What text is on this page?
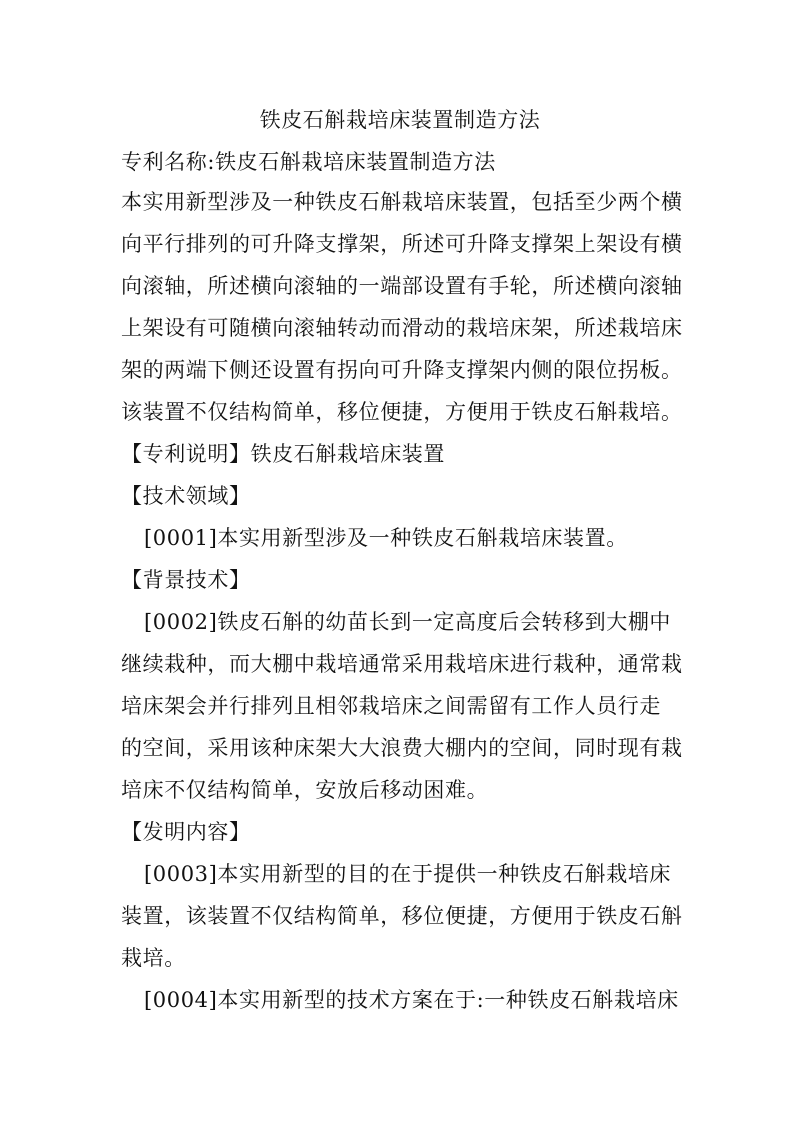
铁皮石斛栽培床装置制造方法
专利名称:铁皮石斛栽培床装置制造方法
本实用新型涉及一种铁皮石斛栽培床装置，包括至少两个横
向平行排列的可升降支撑架，所述可升降支撑架上架设有横
向滚轴，所述横向滚轴的一端部设置有手轮，所述横向滚轴
上架设有可随横向滚轴转动而滑动的栽培床架，所述栽培床
架的两端下侧还设置有拐向可升降支撑架内侧的限位拐板。
该装置不仅结构简单，移位便捷，方便用于铁皮石斛栽培。
【专利说明】铁皮石斛栽培床装置
【技术领域】
[0001]本实用新型涉及一种铁皮石斛栽培床装置。
【背景技术】
[0002]铁皮石斛的幼苗长到一定高度后会转移到大棚中
继续栽种，而大棚中栽培通常采用栽培床进行栽种，通常栽
培床架会并行排列且相邻栽培床之间需留有工作人员行走
的空间，采用该种床架大大浪费大棚内的空间，同时现有栽
培床不仅结构简单，安放后移动困难。
【发明内容】
[0003]本实用新型的目的在于提供一种铁皮石斛栽培床
装置，该装置不仅结构简单，移位便捷，方便用于铁皮石斛
栽培。
[0004]本实用新型的技术方案在于:一种铁皮石斛栽培床
